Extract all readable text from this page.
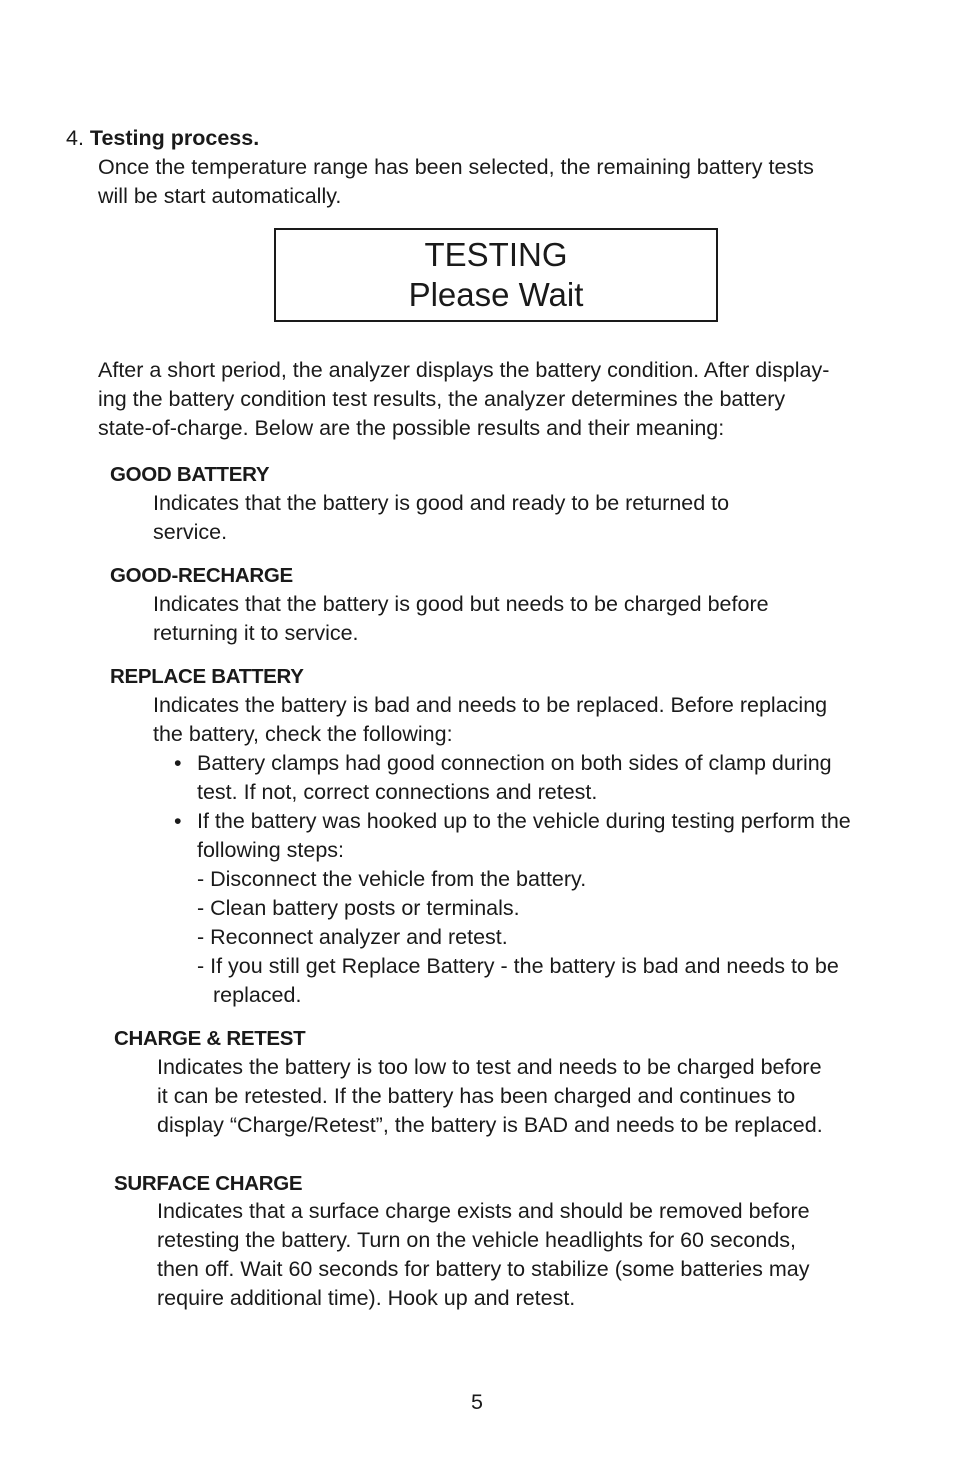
4. Testing process.
Once the temperature range has been selected, the remaining battery tests
will be start automatically.
TESTING
Please Wait
After a short period, the analyzer displays the battery condition. After display-
ing the battery condition test results, the analyzer determines the battery
state-of-charge. Below are the possible results and their meaning:
GOOD BATTERY
Indicates that the battery is good and ready to be returned to
service.
GOOD-RECHARGE
Indicates that the battery is good but needs to be charged before
returning it to service.
REPLACE BATTERY
Indicates the battery is bad and needs to be replaced. Before replacing
the battery, check the following:
• Battery clamps had good connection on both sides of clamp during
test. If not, correct connections and retest.
• If the battery was hooked up to the vehicle during testing perform the
following steps:
- Disconnect the vehicle from the battery.
- Clean battery posts or terminals.
- Reconnect analyzer and retest.
- If you still get Replace Battery - the battery is bad and needs to be
replaced.
CHARGE & RETEST
Indicates the battery is too low to test and needs to be charged before
it can be retested. If the battery has been charged and continues to
display “Charge/Retest”, the battery is BAD and needs to be replaced.
SURFACE CHARGE
Indicates that a surface charge exists and should be removed before
retesting the battery. Turn on the vehicle headlights for 60 seconds,
then off. Wait 60 seconds for battery to stabilize (some batteries may
require additional time). Hook up and retest.
5
